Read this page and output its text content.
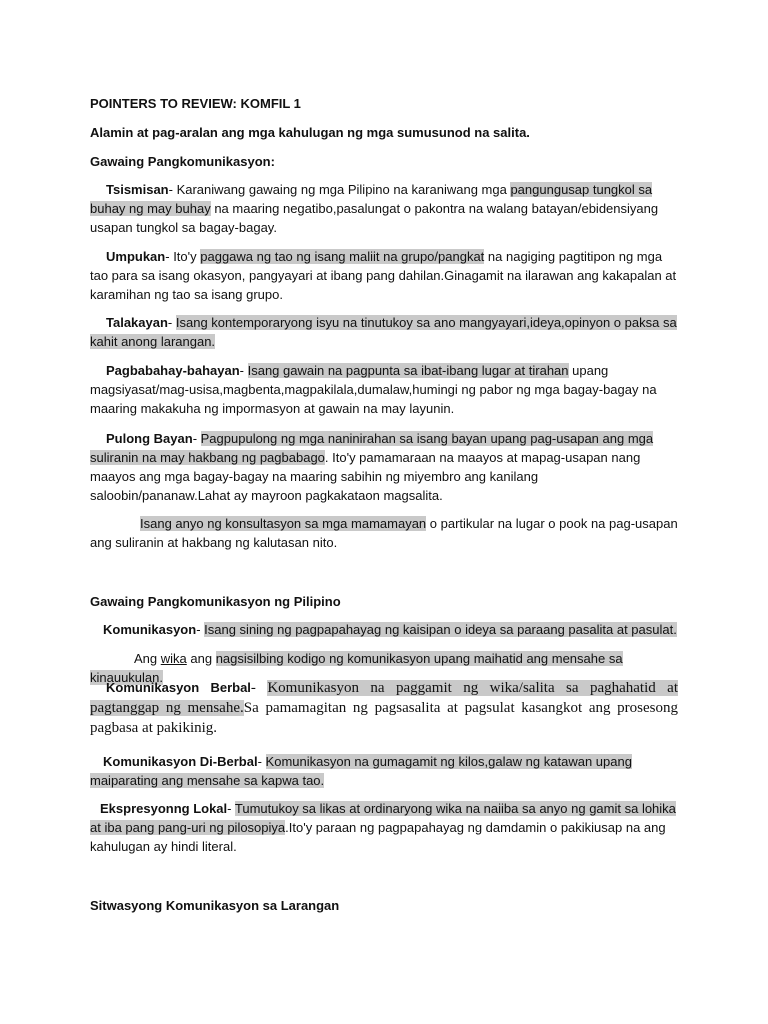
POINTERS TO REVIEW: KOMFIL 1

Alamin at pag-aralan ang mga kahulugan ng mga sumusunod na salita.

Gawaing Pangkomunikasyon:

Tsismisan- Karaniwang gawaing ng mga Pilipino na karaniwang mga pangungusap tungkol sa buhay ng may buhay na maaring negatibo,pasalungat o pakontra na walang batayan/ebidensiyang usapan tungkol sa bagay-bagay.

Umpukan- Ito'y paggawa ng tao ng isang maliit na grupo/pangkat na nagiging pagtitipon ng mga tao para sa isang okasyon, pangyayari at ibang pang dahilan.Ginagamit na ilarawan ang kakapalan at karamihan ng tao sa isang grupo.

Talakayan- Isang kontemporaryong isyu na tinutukoy sa ano mangyayari,ideya,opinyon o paksa sa kahit anong larangan.

Pagbabahay-bahayan- Isang gawain na pagpunta sa ibat-ibang lugar at tirahan upang magsiyasat/mag-usisa,magbenta,magpakilala,dumalaw,humingi ng pabor ng mga bagay-bagay na maaring makakuha ng impormasyon at gawain na may layunin.

Pulong Bayan- Pagpupulong ng mga naninirahan sa isang bayan upang pag-usapan ang mga suliranin na may hakbang ng pagbabago. Ito'y pamamaraan na maayos at mapag-usapan nang maayos ang mga bagay-bagay na maaring sabihin ng miyembro ang kanilang saloobin/pananaw.Lahat ay mayroon pagkakataon magsalita.

Isang anyo ng konsultasyon sa mga mamamayan o partikular na lugar o pook na pag-usapan ang suliranin at hakbang ng kalutasan nito.

Gawaing Pangkomunikasyon ng Pilipino

Komunikasyon- Isang sining ng pagpapahayag ng kaisipan o ideya sa paraang pasalita at pasulat.

Ang wika ang nagsisilbing kodigo ng komunikasyon upang maihatid ang mensahe sa kinauukulan.

Komunikasyon Berbal- Komunikasyon na paggamit ng wika/salita sa paghahatid at pagtanggap ng mensahe.Sa pamamagitan ng pagsasalita at pagsulat kasangkot ang prosesong pagbasa at pakikinig.

Komunikasyon Di-Berbal- Komunikasyon na gumagamit ng kilos,galaw ng katawan upang maiparating ang mensahe sa kapwa tao.

Ekspresyonng Lokal- Tumutukoy sa likas at ordinaryong wika na naiiba sa anyo ng gamit sa lohika at iba pang pang-uri ng pilosopiya.Ito'y paraan ng pagpapahayag ng damdamin o pakikiusap na ang kahulugan ay hindi literal.

Sitwasyong Komunikasyon sa Larangan
